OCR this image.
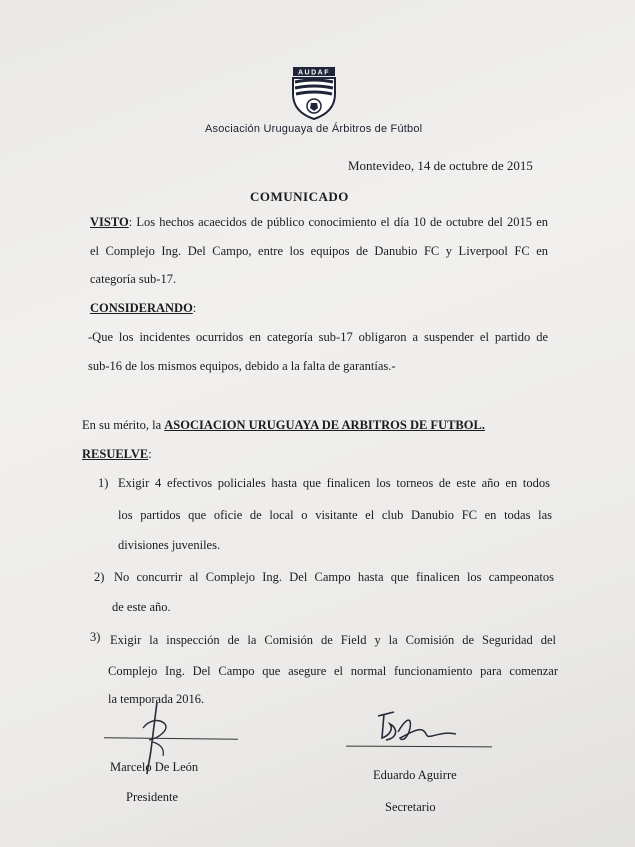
AUDAF
Asociación Uruguaya de Árbitros de Fútbol
Montevideo, 14 de octubre de 2015
COMUNICADO
VISTO: Los hechos acaecidos de público conocimiento el día 10 de octubre del 2015 en
el Complejo Ing. Del Campo, entre los equipos de Danubio FC y Liverpool FC en
categoría sub-17.
CONSIDERANDO:
-Que los incidentes ocurridos en categoría sub-17 obligaron a suspender el partido de
sub-16 de los mismos equipos, debido a la falta de garantías.-
En su mérito, la ASOCIACION URUGUAYA DE ARBITROS DE FUTBOL.
RESUELVE:
1) Exigir 4 efectivos policiales hasta que finalicen los torneos de este año en todos
los partidos que oficie de local o visitante el club Danubio FC en todas las
divisiones juveniles.
2) No concurrir al Complejo Ing. Del Campo hasta que finalicen los campeonatos
de este año.
3) Exigir la inspección de la Comisión de Field y la Comisión de Seguridad del
Complejo Ing. Del Campo que asegure el normal funcionamiento para comenzar
la temporada 2016.
Marcelo De León
Presidente
Eduardo Aguirre
Secretario
